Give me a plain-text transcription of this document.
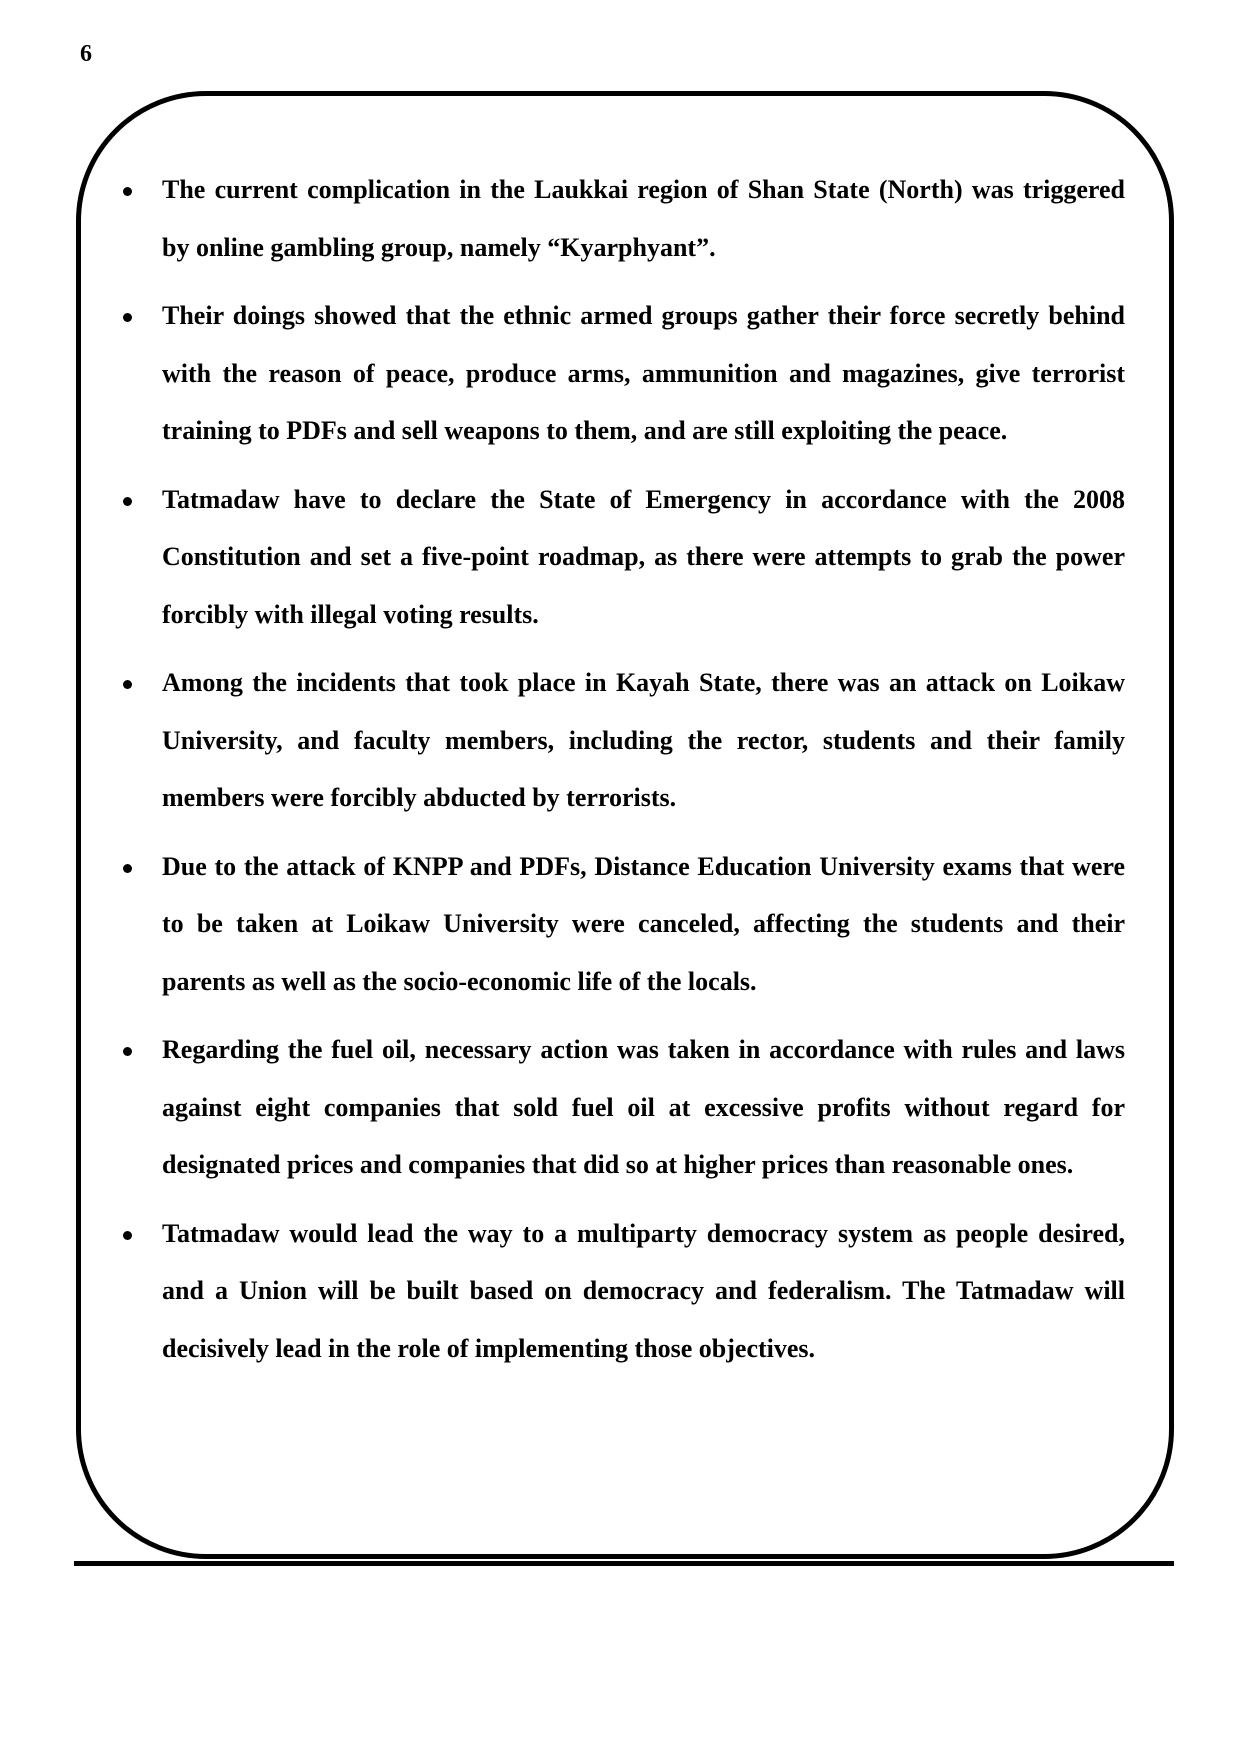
6
The current complication in the Laukkai region of Shan State (North) was triggered by online gambling group, namely “Kyarphyant”.
Their doings showed that the ethnic armed groups gather their force secretly behind with the reason of peace, produce arms, ammunition and magazines, give terrorist training to PDFs and sell weapons to them, and are still exploiting the peace.
Tatmadaw have to declare the State of Emergency in accordance with the 2008 Constitution and set a five-point roadmap, as there were attempts to grab the power forcibly with illegal voting results.
Among the incidents that took place in Kayah State, there was an attack on Loikaw University, and faculty members, including the rector, students and their family members were forcibly abducted by terrorists.
Due to the attack of KNPP and PDFs, Distance Education University exams that were to be taken at Loikaw University were canceled, affecting the students and their parents as well as the socio-economic life of the locals.
Regarding the fuel oil, necessary action was taken in accordance with rules and laws against eight companies that sold fuel oil at excessive profits without regard for designated prices and companies that did so at higher prices than reasonable ones.
Tatmadaw would lead the way to a multiparty democracy system as people desired, and a Union will be built based on democracy and federalism. The Tatmadaw will decisively lead in the role of implementing those objectives.
